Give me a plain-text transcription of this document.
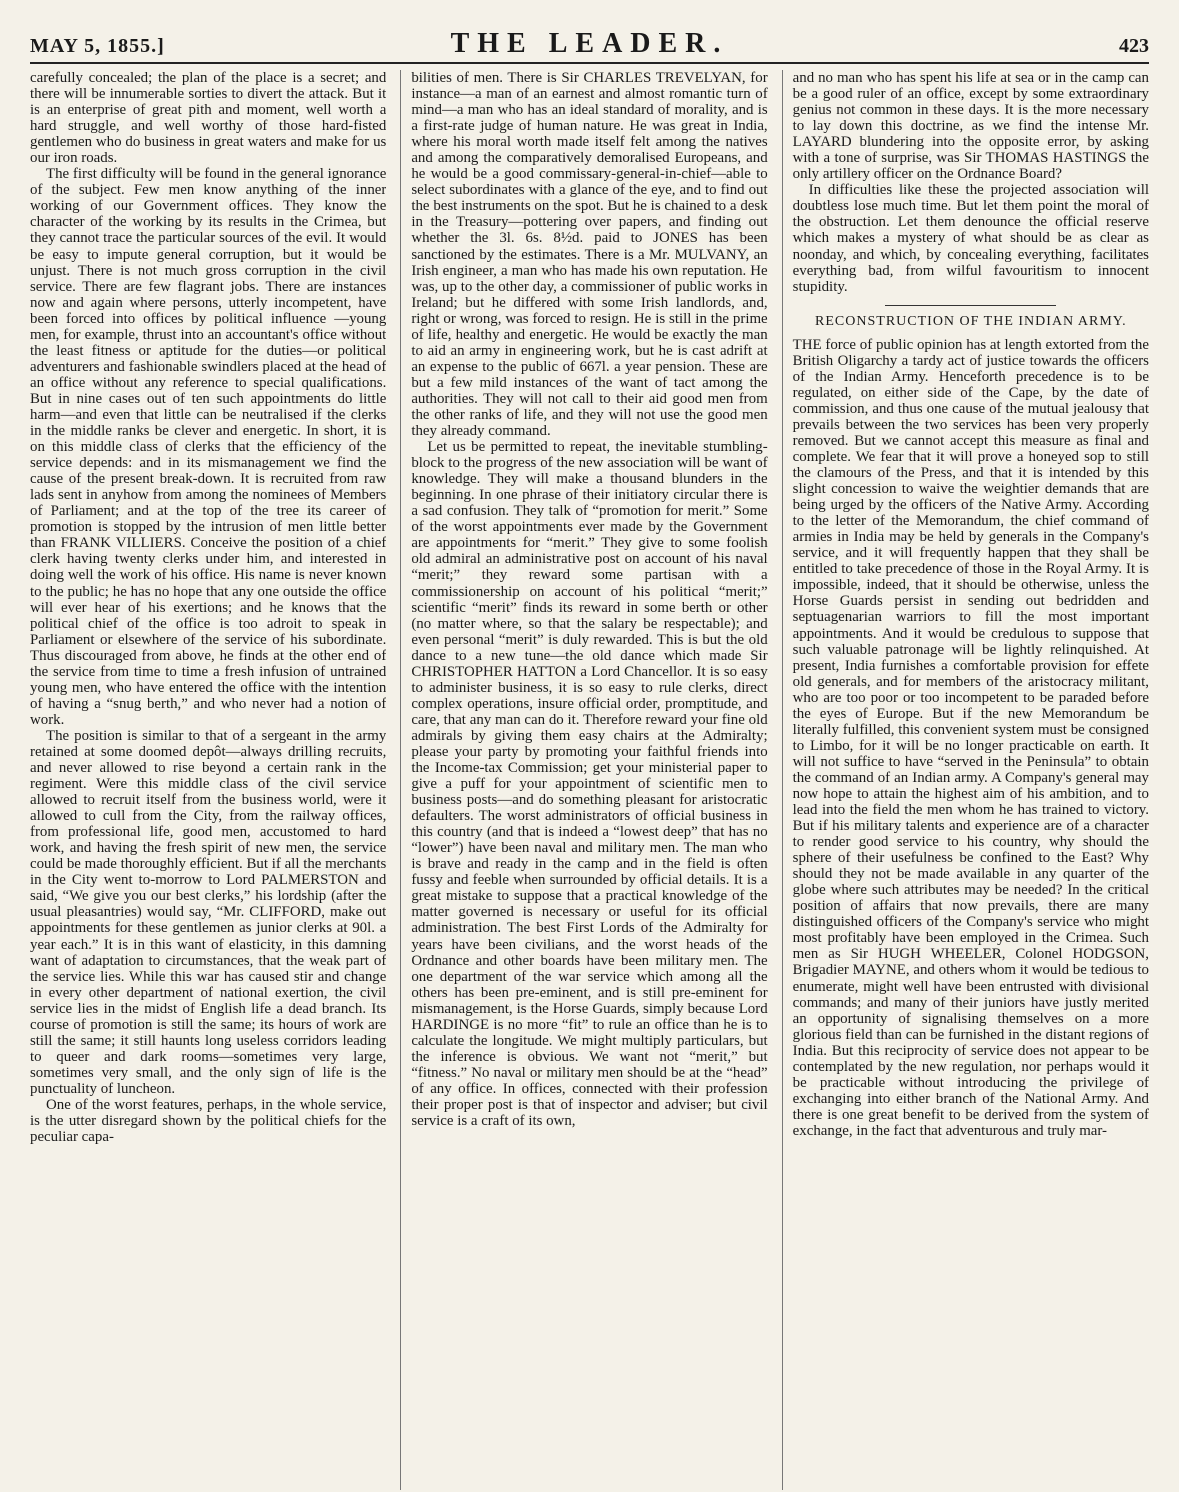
MAY 5, 1855.]	THE LEADER.	423

carefully concealed; the plan of the place is a secret; and there will be innumerable sorties to divert the attack. But it is an enterprise of great pith and moment, well worth a hard struggle, and well worthy of those hard-fisted gentlemen who do business in great waters and make for us our iron roads.

The first difficulty will be found in the general ignorance of the subject. Few men know anything of the inner working of our Government offices. They know the character of the working by its results in the Crimea, but they cannot trace the particular sources of the evil. It would be easy to impute general corruption, but it would be unjust. There is not much gross corruption in the civil service. There are few flagrant jobs. There are instances now and again where persons, utterly incompetent, have been forced into offices by political influence —young men, for example, thrust into an accountant's office without the least fitness or aptitude for the duties—or political adventurers and fashionable swindlers placed at the head of an office without any reference to special qualifications. But in nine cases out of ten such appointments do little harm—and even that little can be neutralised if the clerks in the middle ranks be clever and energetic. In short, it is on this middle class of clerks that the efficiency of the service depends: and in its mismanagement we find the cause of the present break-down. It is recruited from raw lads sent in anyhow from among the nominees of Members of Parliament; and at the top of the tree its career of promotion is stopped by the intrusion of men little better than FRANK VILLIERS. Conceive the position of a chief clerk having twenty clerks under him, and interested in doing well the work of his office. His name is never known to the public; he has no hope that any one outside the office will ever hear of his exertions; and he knows that the political chief of the office is too adroit to speak in Parliament or elsewhere of the service of his subordinate. Thus discouraged from above, he finds at the other end of the service from time to time a fresh infusion of untrained young men, who have entered the office with the intention of having a “snug berth,” and who never had a notion of work.

The position is similar to that of a sergeant in the army retained at some doomed depôt—always drilling recruits, and never allowed to rise beyond a certain rank in the regiment. Were this middle class of the civil service allowed to recruit itself from the business world, were it allowed to cull from the City, from the railway offices, from professional life, good men, accustomed to hard work, and having the fresh spirit of new men, the service could be made thoroughly efficient. But if all the merchants in the City went to-morrow to Lord PALMERSTON and said, “We give you our best clerks,” his lordship (after the usual pleasantries) would say, “Mr. CLIFFORD, make out appointments for these gentlemen as junior clerks at 90l. a year each.” It is in this want of elasticity, in this damning want of adaptation to circumstances, that the weak part of the service lies. While this war has caused stir and change in every other department of national exertion, the civil service lies in the midst of English life a dead branch. Its course of promotion is still the same; its hours of work are still the same; it still haunts long useless corridors leading to queer and dark rooms—sometimes very large, sometimes very small, and the only sign of life is the punctuality of luncheon.

One of the worst features, perhaps, in the whole service, is the utter disregard shown by the political chiefs for the peculiar capa-

bilities of men. There is Sir CHARLES TREVELYAN, for instance—a man of an earnest and almost romantic turn of mind—a man who has an ideal standard of morality, and is a first-rate judge of human nature. He was great in India, where his moral worth made itself felt among the natives and among the comparatively demoralised Europeans, and he would be a good commissary-general-in-chief—able to select subordinates with a glance of the eye, and to find out the best instruments on the spot. But he is chained to a desk in the Treasury—pottering over papers, and finding out whether the 3l. 6s. 8½d. paid to JONES has been sanctioned by the estimates. There is a Mr. MULVANY, an Irish engineer, a man who has made his own reputation. He was, up to the other day, a commissioner of public works in Ireland; but he differed with some Irish landlords, and, right or wrong, was forced to resign. He is still in the prime of life, healthy and energetic. He would be exactly the man to aid an army in engineering work, but he is cast adrift at an expense to the public of 667l. a year pension. These are but a few mild instances of the want of tact among the authorities. They will not call to their aid good men from the other ranks of life, and they will not use the good men they already command.

Let us be permitted to repeat, the inevitable stumbling-block to the progress of the new association will be want of knowledge. They will make a thousand blunders in the beginning. In one phrase of their initiatory circular there is a sad confusion. They talk of “promotion for merit.” Some of the worst appointments ever made by the Government are appointments for “merit.” They give to some foolish old admiral an administrative post on account of his naval “merit;” they reward some partisan with a commissionership on account of his political “merit;” scientific “merit” finds its reward in some berth or other (no matter where, so that the salary be respectable); and even personal “merit” is duly rewarded. This is but the old dance to a new tune—the old dance which made Sir CHRISTOPHER HATTON a Lord Chancellor. It is so easy to administer business, it is so easy to rule clerks, direct complex operations, insure official order, promptitude, and care, that any man can do it. Therefore reward your fine old admirals by giving them easy chairs at the Admiralty; please your party by promoting your faithful friends into the Income-tax Commission; get your ministerial paper to give a puff for your appointment of scientific men to business posts—and do something pleasant for aristocratic defaulters. The worst administrators of official business in this country (and that is indeed a “lowest deep” that has no “lower”) have been naval and military men. The man who is brave and ready in the camp and in the field is often fussy and feeble when surrounded by official details. It is a great mistake to suppose that a practical knowledge of the matter governed is necessary or useful for its official administration. The best First Lords of the Admiralty for years have been civilians, and the worst heads of the Ordnance and other boards have been military men. The one department of the war service which among all the others has been pre-eminent, and is still pre-eminent for mismanagement, is the Horse Guards, simply because Lord HARDINGE is no more “fit” to rule an office than he is to calculate the longitude. We might multiply particulars, but the inference is obvious. We want not “merit,” but “fitness.” No naval or military men should be at the “head” of any office. In offices, connected with their profession their proper post is that of inspector and adviser; but civil service is a craft of its own,

and no man who has spent his life at sea or in the camp can be a good ruler of an office, except by some extraordinary genius not common in these days. It is the more necessary to lay down this doctrine, as we find the intense Mr. LAYARD blundering into the opposite error, by asking with a tone of surprise, was Sir THOMAS HASTINGS the only artillery officer on the Ordnance Board?

In difficulties like these the projected association will doubtless lose much time. But let them point the moral of the obstruction. Let them denounce the official reserve which makes a mystery of what should be as clear as noonday, and which, by concealing everything, facilitates everything bad, from wilful favouritism to innocent stupidity.

RECONSTRUCTION OF THE INDIAN ARMY.

THE force of public opinion has at length extorted from the British Oligarchy a tardy act of justice towards the officers of the Indian Army. Henceforth precedence is to be regulated, on either side of the Cape, by the date of commission, and thus one cause of the mutual jealousy that prevails between the two services has been very properly removed. But we cannot accept this measure as final and complete. We fear that it will prove a honeyed sop to still the clamours of the Press, and that it is intended by this slight concession to waive the weightier demands that are being urged by the officers of the Native Army. According to the letter of the Memorandum, the chief command of armies in India may be held by generals in the Company's service, and it will frequently happen that they shall be entitled to take precedence of those in the Royal Army. It is impossible, indeed, that it should be otherwise, unless the Horse Guards persist in sending out bedridden and septuagenarian warriors to fill the most important appointments. And it would be credulous to suppose that such valuable patronage will be lightly relinquished. At present, India furnishes a comfortable provision for effete old generals, and for members of the aristocracy militant, who are too poor or too incompetent to be paraded before the eyes of Europe. But if the new Memorandum be literally fulfilled, this convenient system must be consigned to Limbo, for it will be no longer practicable on earth. It will not suffice to have “served in the Peninsula” to obtain the command of an Indian army. A Company's general may now hope to attain the highest aim of his ambition, and to lead into the field the men whom he has trained to victory. But if his military talents and experience are of a character to render good service to his country, why should the sphere of their usefulness be confined to the East? Why should they not be made available in any quarter of the globe where such attributes may be needed? In the critical position of affairs that now prevails, there are many distinguished officers of the Company's service who might most profitably have been employed in the Crimea. Such men as Sir HUGH WHEELER, Colonel HODGSON, Brigadier MAYNE, and others whom it would be tedious to enumerate, might well have been entrusted with divisional commands; and many of their juniors have justly merited an opportunity of signalising themselves on a more glorious field than can be furnished in the distant regions of India. But this reciprocity of service does not appear to be contemplated by the new regulation, nor perhaps would it be practicable without introducing the privilege of exchanging into either branch of the National Army. And there is one great benefit to be derived from the system of exchange, in the fact that adventurous and truly mar-
